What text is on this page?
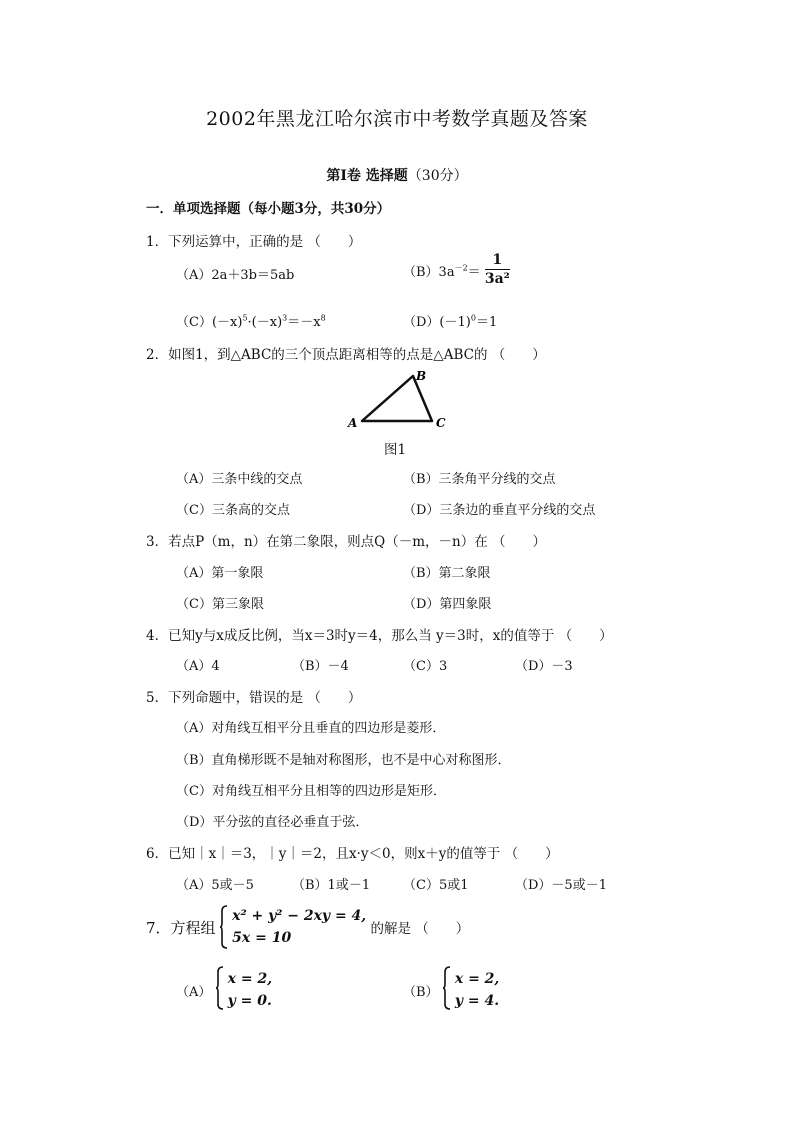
2002年黑龙江哈尔滨市中考数学真题及答案
第Ⅰ卷 选择题（30分）
一．单项选择题（每小题3分，共30分）
1．下列运算中，正确的是 （　　）
（A）2a＋3b＝5ab	$(B)3a^{-2}= \frac{1}{\text{3a²}}$
$(C)(-x)^5\cdot(-x)^3=-x^8$	$(D)(-1)^0=1$
2．如图1，到△ABC的三个顶点距离相等的点是△ABC的 （　　）
A
B
C
图1
（A）三条中线的交点	（B）三条角平分线的交点
（C）三条高的交点	（D）三条边的垂直平分线的交点
3．若点P（m，n）在第二象限，则点Q（－m，－n）在 （　　）
（A）第一象限	（B）第二象限
（C）第三象限	（D）第四象限
4．已知y与x成反比例，当x＝3时y＝4，那么当 y＝3时，x的值等于 （　　）
（A）4	（B）－4	（C）3	（D）－3
5．下列命题中，错误的是 （　　）
（A）对角线互相平分且垂直的四边形是菱形．
（B）直角梯形既不是轴对称图形，也不是中心对称图形．
（C）对角线互相平分且相等的四边形是矩形．
（D）平分弦的直径必垂直于弦．
6．已知｜x｜＝3，｜y｜＝2，且x·y＜0，则x＋y的值等于 （　　）
（A）5或－5	（B）1或－1	（C）5或1	（D）－5或－1
7．方程组

x² + y² − 2xy = 4,
5x = 10
的解是 （　　）
（A）
x = 2,
y = 0.
（B）
x = 2,
y = 4.
